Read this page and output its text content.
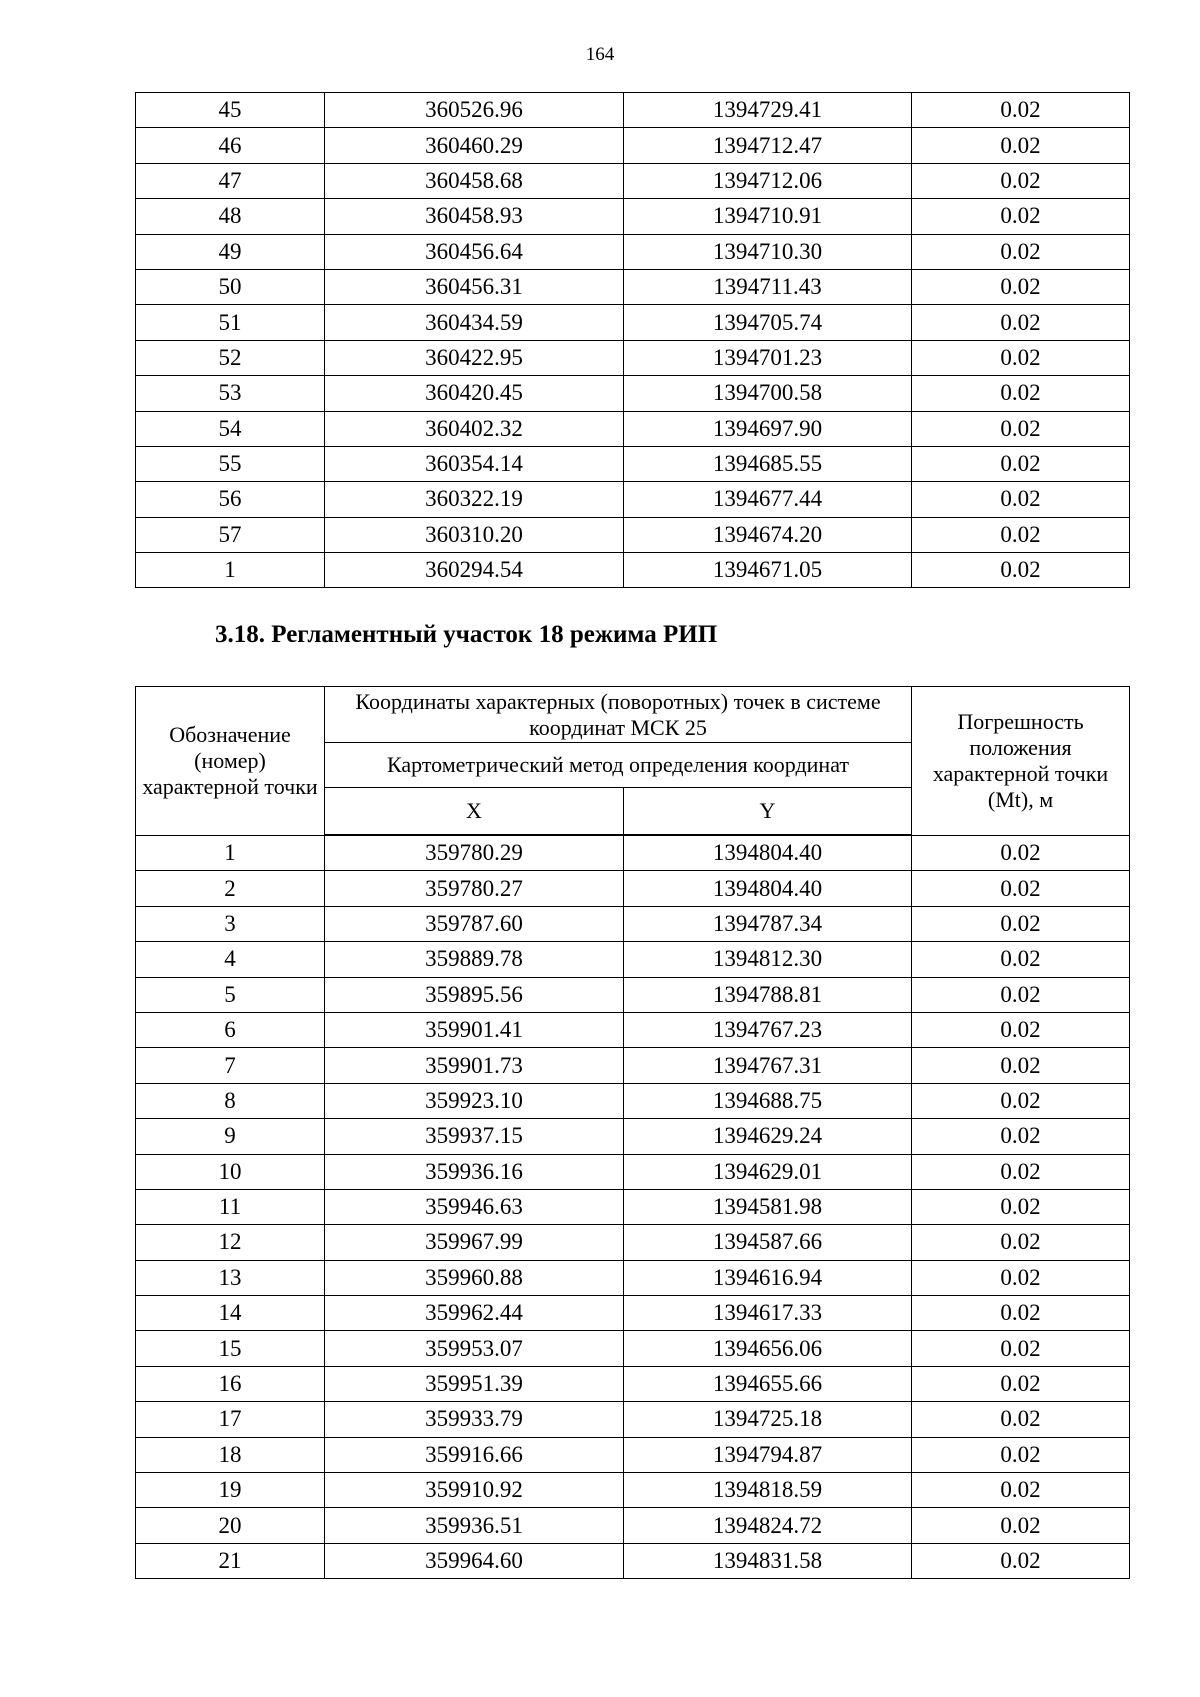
164
45	360526.96	1394729.41	0.02
46	360460.29	1394712.47	0.02
47	360458.68	1394712.06	0.02
48	360458.93	1394710.91	0.02
49	360456.64	1394710.30	0.02
50	360456.31	1394711.43	0.02
51	360434.59	1394705.74	0.02
52	360422.95	1394701.23	0.02
53	360420.45	1394700.58	0.02
54	360402.32	1394697.90	0.02
55	360354.14	1394685.55	0.02
56	360322.19	1394677.44	0.02
57	360310.20	1394674.20	0.02
1	360294.54	1394671.05	0.02
3.18. Регламентный участок 18 режима РИП
Обозначение (номер) характерной точки	Координаты характерных (поворотных) точек в системе координат МСК 25		Погрешность положения характерной точки (Mt), м
	Картометрический метод определения координат		
	X	Y	
1	359780.29	1394804.40	0.02
2	359780.27	1394804.40	0.02
3	359787.60	1394787.34	0.02
4	359889.78	1394812.30	0.02
5	359895.56	1394788.81	0.02
6	359901.41	1394767.23	0.02
7	359901.73	1394767.31	0.02
8	359923.10	1394688.75	0.02
9	359937.15	1394629.24	0.02
10	359936.16	1394629.01	0.02
11	359946.63	1394581.98	0.02
12	359967.99	1394587.66	0.02
13	359960.88	1394616.94	0.02
14	359962.44	1394617.33	0.02
15	359953.07	1394656.06	0.02
16	359951.39	1394655.66	0.02
17	359933.79	1394725.18	0.02
18	359916.66	1394794.87	0.02
19	359910.92	1394818.59	0.02
20	359936.51	1394824.72	0.02
21	359964.60	1394831.58	0.02
